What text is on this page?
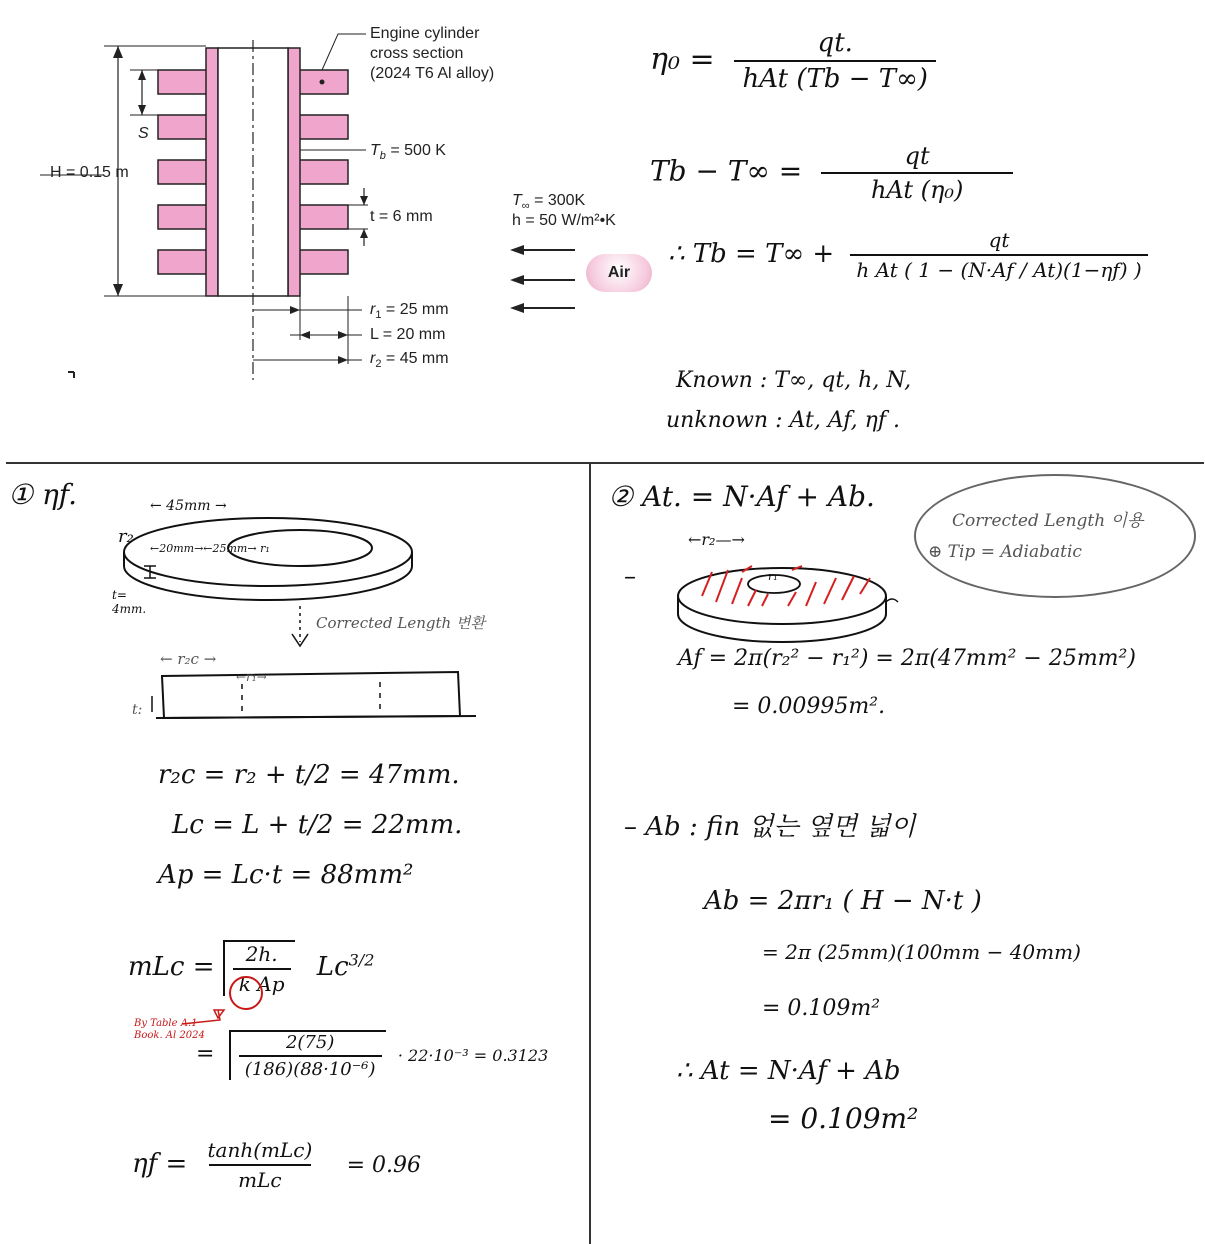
Engine cylinder
cross section
(2024 T6 Al alloy)
S
H = 0.15 m
$T_b = 500$ K
t = 6 mm
$T_\infty = 300K$
h = 50 W/m²•K
Air
$r_1 = 25$ mm
L = 20 mm
$r_2 = 45$ mm
$\eta_0 = \frac{qt.}{\text{hAt (Tb − T∞)}}$
$Tb - T\infty = \frac{qt}{\text{hAt (η₀)}}$
∴ $Tb = T\infty + \frac{qt}{\text{h At ( 1 − (N·Af / At)(1−ηf) )}}$
Known : T∞, qt, h, N,
unknown : At, Af, ηf .
① ηf.	← 45mm →
r₂
←20mm→←25mm→ r₁
t= 4mm.
Corrected Length 변환
← r₂c →
←r₁→
t:
r₂c = r₂ + t/2 = 47mm.
Lc = L + t/2 = 22mm.
Ap = Lc·t = 88mm²
mLc = $\frac{2h.}{\text{k Ap}} Lc^{3/2}$
By Table A.1
Book. Al 2024
= $\frac{2(75)}{\text{(186)(88·10⁻⁶)}} \cdot 22\cdot 10^{-3} = 0.3123$
$\eta f = \frac{\text{tanh(mLc)}}{\text{mLc}} = 0.96$
② At. = N·Af + Ab.
Corrected Length 이용
⊕ Tip = Adiabatic
←r₂—→
r₁
–
Af = 2π(r₂² − r₁²) = 2π(47mm² − 25mm²)
= 0.00995m².
– Ab : fin 없는 옆면 넓이
Ab = 2πr₁ ( H − N·t )
= 2π (25mm)(100mm − 40mm)
= 0.109m²
∴ At = N·Af + Ab
= 0.109m²
